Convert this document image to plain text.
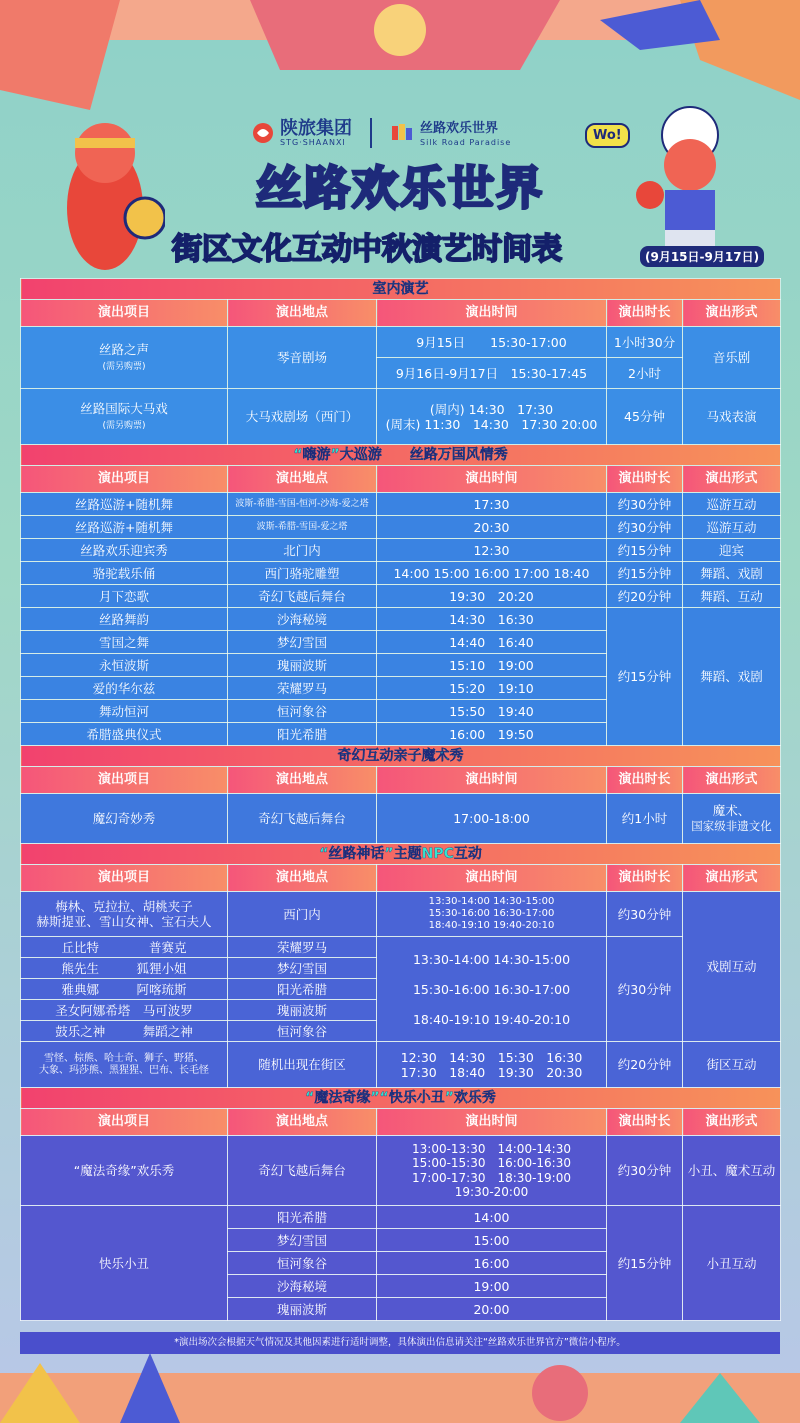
Wo!
陕旅集团
STG·SHAANXI
丝路欢乐世界
Silk Road Paradise
丝路欢乐世界
街区文化互动中秋演艺时间表	(9月15日-9月17日)
室内演艺				
演出项目	演出地点	演出时间	演出时长	演出形式
丝路之声
(需另购票)	琴音剧场	9月15日　　15:30-17:00	1小时30分	音乐剧
		9月16日-9月17日　15:30-17:45	2小时	
丝路国际大马戏
(需另购票)	大马戏剧场（西门）	(周内) 14:30　17:30
(周末) 11:30　14:30　17:30 20:00	45分钟	马戏表演
“嗨游”大巡游　　丝路万国风情秀				
演出项目	演出地点	演出时间	演出时长	演出形式
丝路巡游+随机舞	波斯-希腊-雪国-恒河-沙海-爱之塔	17:30	约30分钟	巡游互动
丝路巡游+随机舞	波斯-希腊-雪国-爱之塔	20:30	约30分钟	巡游互动
丝路欢乐迎宾秀	北门内	12:30	约15分钟	迎宾
骆驼载乐俑	西门骆驼雕塑	14:00 15:00 16:00 17:00 18:40	约15分钟	舞蹈、戏剧
月下恋歌	奇幻飞越后舞台	19:30　20:20	约20分钟	舞蹈、互动
丝路舞韵	沙海秘境	14:30　16:30	约15分钟	舞蹈、戏剧
雪国之舞	梦幻雪国	14:40　16:40		
永恒波斯	瑰丽波斯	15:10　19:00		
爱的华尔兹	荣耀罗马	15:20　19:10		
舞动恒河	恒河象谷	15:50　19:40		
希腊盛典仪式	阳光希腊	16:00　19:50		
奇幻互动亲子魔术秀				
演出项目	演出地点	演出时间	演出时长	演出形式
魔幻奇妙秀	奇幻飞越后舞台	17:00-18:00	约1小时	魔术、
国家级非遗文化
“丝路神话”主题NPC互动				
演出项目	演出地点	演出时间	演出时长	演出形式
梅林、克拉拉、胡桃夹子
赫斯提亚、雪山女神、宝石夫人	西门内	13:30-14:00 14:30-15:00
15:30-16:00 16:30-17:00
18:40-19:10 19:40-20:10	约30分钟	戏剧互动
丘比特　　　　 普赛克	荣耀罗马	13:30-14:00 14:30-15:00

15:30-16:00 16:30-17:00

18:40-19:10 19:40-20:10	约30分钟	
熊先生　　　 狐狸小姐	梦幻雪国			
雅典娜　　　 阿喀琉斯	阳光希腊			
圣女阿娜希塔　 马可波罗	瑰丽波斯			
鼓乐之神　　　 舞蹈之神	恒河象谷			
雪怪、棕熊、哈士奇、狮子、野猪、
大象、玛莎熊、黑猩猩、巴布、长毛怪	随机出现在街区	12:30　14:30　15:30　16:30
17:30　18:40　19:30　20:30	约20分钟	街区互动
“魔法奇缘”“快乐小丑”欢乐秀				
演出项目	演出地点	演出时间	演出时长	演出形式
“魔法奇缘”欢乐秀	奇幻飞越后舞台	13:00-13:30　14:00-14:30
15:00-15:30　16:00-16:30
17:00-17:30　18:30-19:00
19:30-20:00	约30分钟	小丑、魔术互动
快乐小丑	阳光希腊	14:00	约15分钟	小丑互动
	梦幻雪国	15:00		
	恒河象谷	16:00		
	沙海秘境	19:00		
	瑰丽波斯	20:00		
*演出场次会根据天气情况及其他因素进行适时调整，具体演出信息请关注“丝路欢乐世界官方”微信小程序。
